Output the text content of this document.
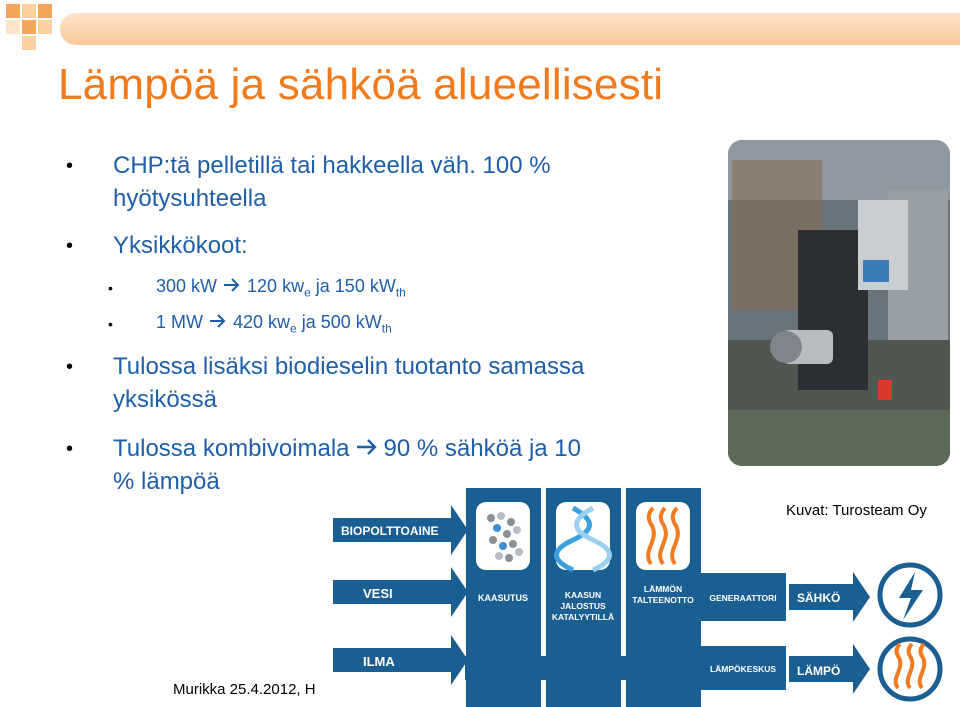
Lämpöä ja sähköä alueellisesti
• CHP:tä pelletillä tai hakkeella väh. 100 %
hyötysuhteella
• Yksikkökoot:
• 300 kW 120 $kw_e$ ja 150 $kW_{th}$
• 1 MW 420 $kw_e$ ja 500 $kW_{th}$
• Tulossa lisäksi biodieselin tuotanto samassa
yksikössä
• Tulossa kombivoimala 90 % sähköä ja 10
% lämpöä
Kuvat: Turosteam Oy
BIOPOLTTOAINE
VESI
ILMA
KAASUTUS	KAASUN
JALOSTUS
KATALYYTILLÄ
LÄMMÖN
TALTEENOTTO GENERAATTORI
LÄMPÖKESKUS
SÄHKÖ
LÄMPÖ
Murikka 25.4.2012, H
